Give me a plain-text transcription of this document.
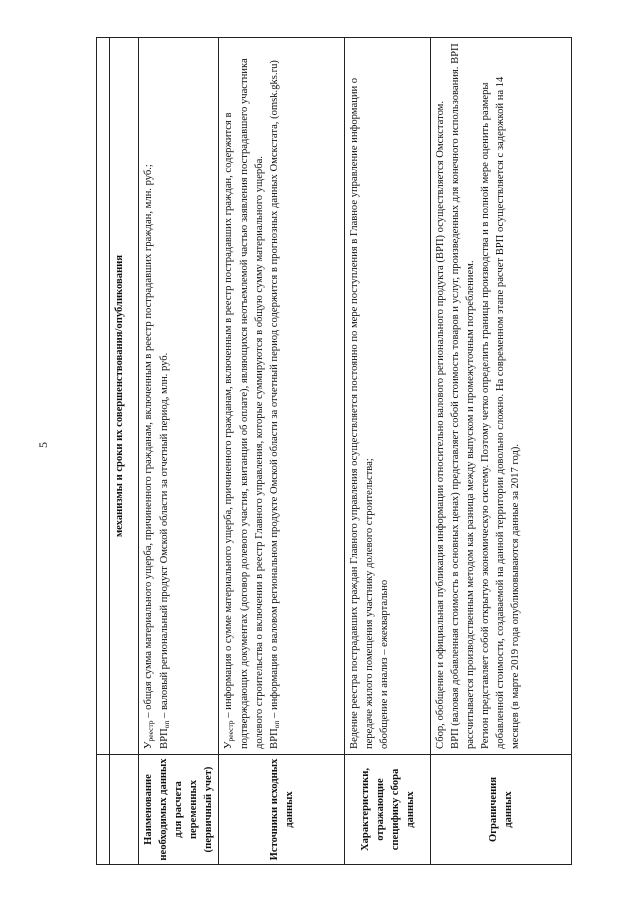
5

		механизмы и сроки их совершенствования/опубликования
Наименование необходимых данных для расчета переменных (первичный учет)	$У_{реестр}$ – общая сумма материального ущерба, причиненного гражданам, включенным в реестр пострадавших граждан, млн. руб.;
$ВРП_{оп}$ – валовый региональный продукт Омской области за отчетный период, млн. руб.

Источники исходных данных	$У_{реестр}$ – информация о сумме материального ущерба, причиненного гражданам, включенным в реестр пострадавших граждан, содержится в подтверждающих документах (договор долевого участия, квитанции об оплате), являющихся неотъемлемой частью заявления пострадавшего участника долевого строительства о включении в реестр Главного управления, которые суммируются в общую сумму материального ущерба. $ВРП_{оп}$ – информация о валовом региональном продукте Омской области за отчетный период содержится в прогнозных данных Омскстата, (omsk.gks.ru)

Характеристики, отражающие специфику сбора данных	Ведение реестра пострадавших граждан Главного управления осуществляется постоянно по мере поступления в Главное управление информации о передаче жилого помещения участнику долевого строительства; обобщение и анализ – ежеквартально

Ограничения данных	Сбор, обобщение и официальная публикация информации относительно валового регионального продукта (ВРП) осуществляется Омскстатом. ВРП (валовая добавленная стоимость в основных ценах) представляет собой стоимость товаров и услуг, произведенных для конечного использования. ВРП рассчитывается производственным методом как разница между выпуском и промежуточным потреблением. Регион представляет собой открытую экономическую систему. Поэтому четко определить границы производства и в полной мере оценить размеры добавленной стоимости, создаваемой на данной территории довольно сложно. На современном этапе расчет ВРП осуществляется с задержкой на 14 месяцев (в марте 2019 года опубликовываются данные за 2017 год).
